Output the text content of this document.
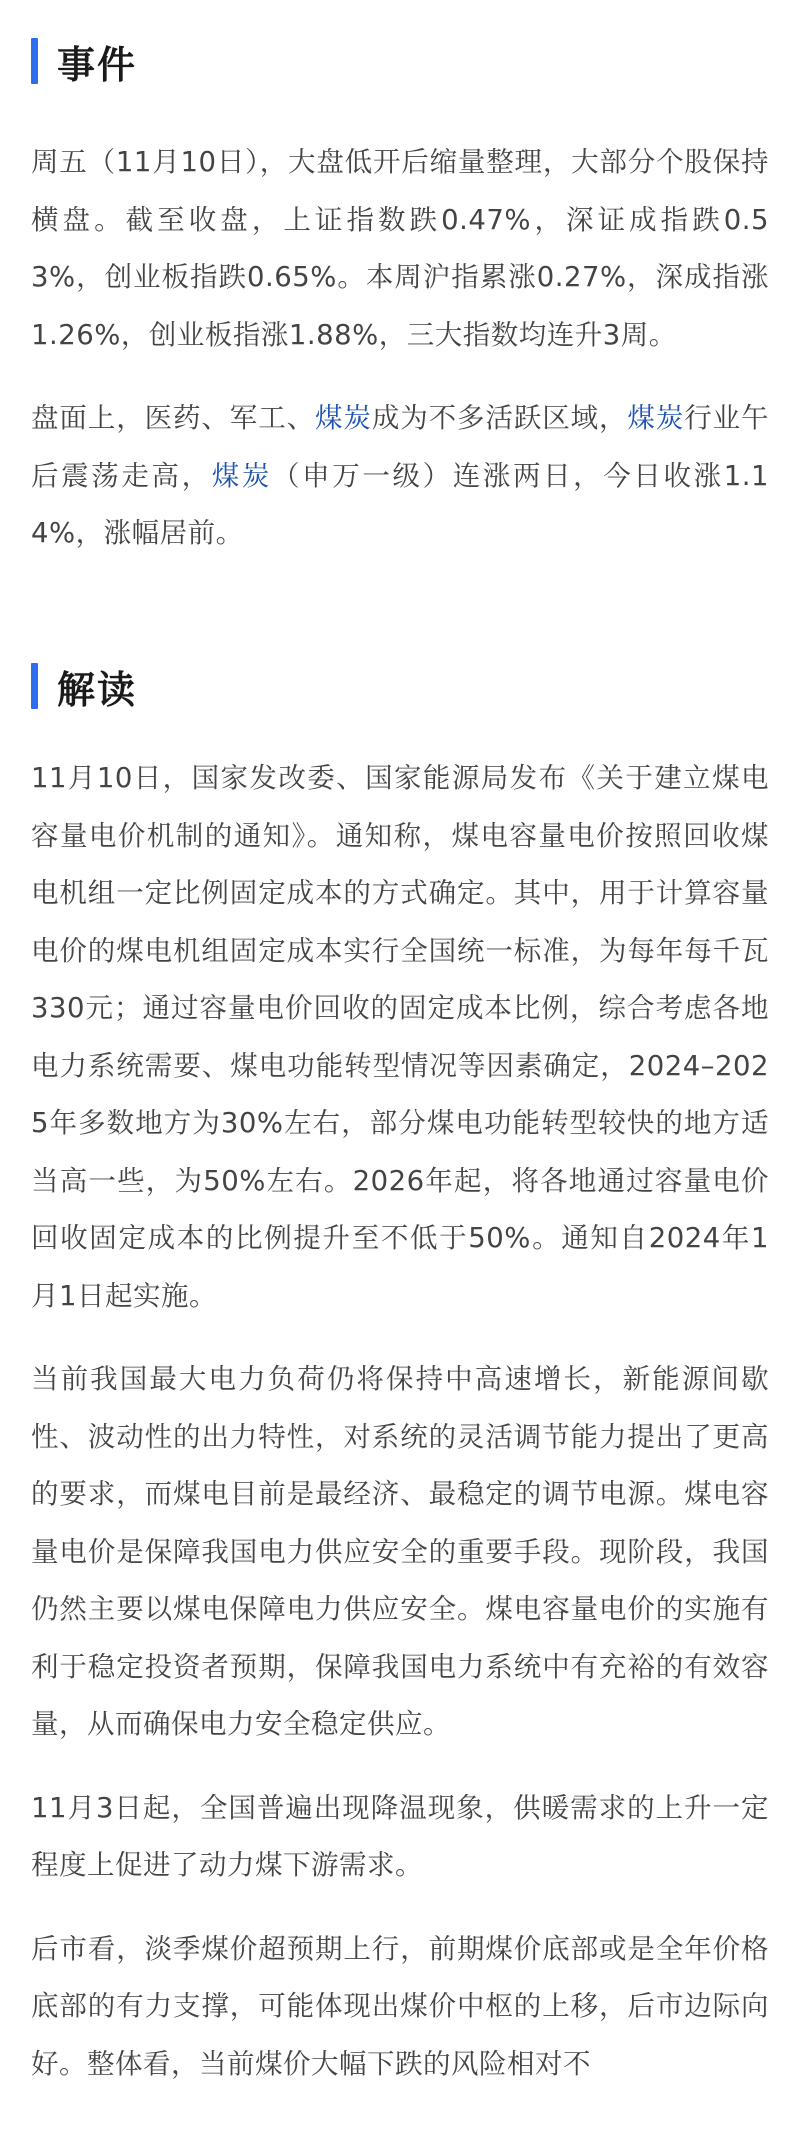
事件

周五（11月10日），大盘低开后缩量整理，大部分个股保持横盘。截至收盘，上证指数跌0.47%，深证成指跌0.53%，创业板指跌0.65%。本周沪指累涨0.27%，深成指涨1.26%，创业板指涨1.88%，三大指数均连升3周。

盘面上，医药、军工、煤炭成为不多活跃区域，煤炭行业午后震荡走高，煤炭（申万一级）连涨两日，今日收涨1.14%，涨幅居前。

解读

11月10日，国家发改委、国家能源局发布《关于建立煤电容量电价机制的通知》。通知称，煤电容量电价按照回收煤电机组一定比例固定成本的方式确定。其中，用于计算容量电价的煤电机组固定成本实行全国统一标准，为每年每千瓦330元；通过容量电价回收的固定成本比例，综合考虑各地电力系统需要、煤电功能转型情况等因素确定，2024–2025年多数地方为30%左右，部分煤电功能转型较快的地方适当高一些，为50%左右。2026年起，将各地通过容量电价回收固定成本的比例提升至不低于50%。通知自2024年1月1日起实施。

当前我国最大电力负荷仍将保持中高速增长，新能源间歇性、波动性的出力特性，对系统的灵活调节能力提出了更高的要求，而煤电目前是最经济、最稳定的调节电源。煤电容量电价是保障我国电力供应安全的重要手段。现阶段，我国仍然主要以煤电保障电力供应安全。煤电容量电价的实施有利于稳定投资者预期，保障我国电力系统中有充裕的有效容量，从而确保电力安全稳定供应。

11月3日起，全国普遍出现降温现象，供暖需求的上升一定程度上促进了动力煤下游需求。

后市看，淡季煤价超预期上行，前期煤价底部或是全年价格底部的有力支撑，可能体现出煤价中枢的上移，后市边际向好。整体看，当前煤价大幅下跌的风险相对不
